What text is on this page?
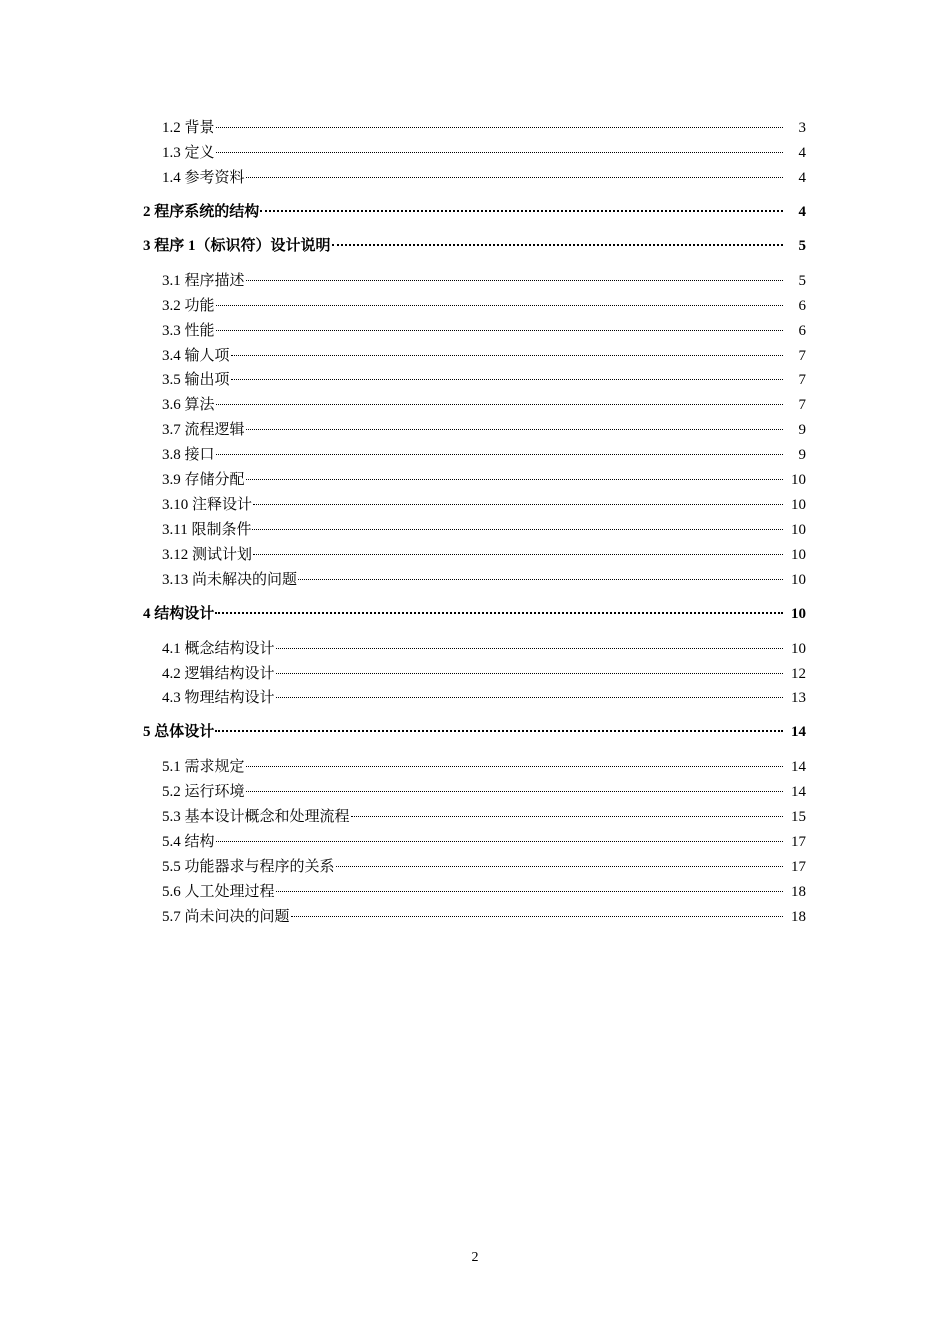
1.2 背景	3
1.3 定义	4
1.4 参考资料	4
2 程序系统的结构	4
3 程序 1（标识符）设计说明	5
3.1 程序描述	5
3.2 功能	6
3.3 性能	6
3.4 输人项	7
3.5 输出项	7
3.6 算法	7
3.7 流程逻辑	9
3.8 接口	9
3.9 存储分配	10
3.10 注释设计	10
3.11 限制条件	10
3.12 测试计划	10
3.13 尚未解决的问题	10
4 结构设计	10
4.1 概念结构设计	10
4.2 逻辑结构设计	12
4.3 物理结构设计	13
5 总体设计	14
5.1 需求规定	14
5.2 运行环境	14
5.3 基本设计概念和处理流程	15
5.4 结构	17
5.5 功能器求与程序的关系	17
5.6 人工处理过程	18
5.7 尚未问决的问题	18
2
